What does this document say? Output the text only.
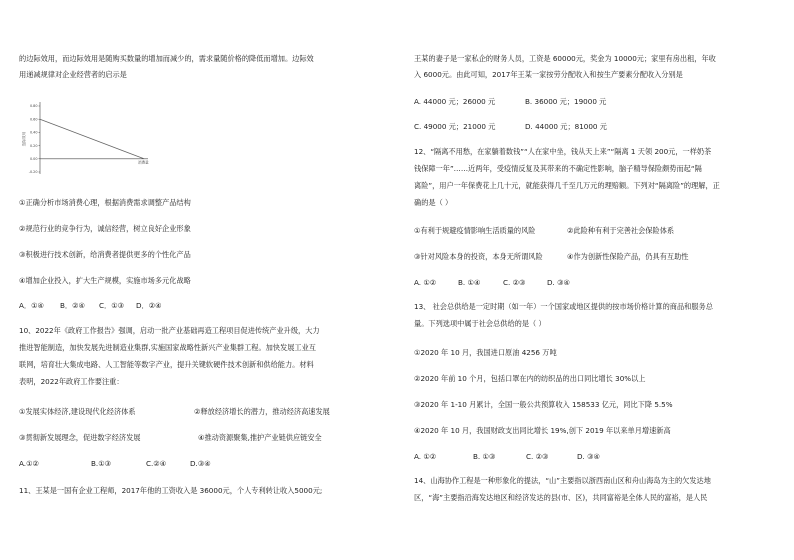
的边际效用，而边际效用是随购买数量的增加而减少的，需求量随价格的降低而增加。边际效
用递减规律对企业经营者的启示是
0.80
0.60
0.40
0.20
0.00
-0.20
消费量
边际效用
①正确分析市场消费心理，根据消费需求调整产品结构
②规范行业的竞争行为，诚信经营，树立良好企业形象
③积极进行技术创新，给消费者提供更多的个性化产品
④增加企业投入，扩大生产规模，实施市场多元化战略
A．①④ B．②④ C．①③ D．②④
10、2022年《政府工作报告》强调，启动一批产业基础再造工程项目促进传统产业升级，大力
推进智能制造，加快发展先进制造业集群,实施国家战略性新兴产业集群工程。加快发展工业互
联网，培育壮大集成电路、人工智能等数字产业，提升关键软硬件技术创新和供给能力。材料
表明，2022年政府工作要注重：
①发展实体经济,建设现代化经济体系	②释放经济增长的潜力，推动经济高速发展
③贯彻新发展理念，促进数字经济发展	④推动资源聚集,推护产业链供应链安全
A.①②	B.①③	C.②④	D.③④
11、王某是一国有企业工程师，2017年他的工资收入是 36000元，个人专利转让收入5000元;
王某的妻子是一家私企的财务人员，工资是 60000元，奖金为 10000元；家里有房出租，年收
入 6000元。由此可知，2017年王某一家按劳分配收入和按生产要素分配收入分别是
A. 44000 元；26000 元	B. 36000 元；19000 元
C. 49000 元；21000 元	D. 44000 元；81000 元
12、“隔离不用愁，在家躺着数钱”“人在家中坐，钱从天上来”“隔离 1 天领 200元，一样奶茶
钱保障一年”……近两年，受疫情反复及其带来的不确定性影响，脑子精导保险颇势而起“隔
离险”，用户一年保费花上几十元，就能获得几千至几万元的理赔额。下列对“隔离险”的理解，正
确的是（ ）
①有利于规避疫情影响生活质量的风险	②此险种有利于完善社会保险体系
③针对风险本身的投资，本身无所谓风险	④作为创新性保险产品，仍具有互助性
A. ①②	B. ①④	C. ②③	D. ③④
13、 社会总供给是一定时期（如一年）一个国家或地区提供的按市场价格计算的商品和服务总
量。下列选项中属于社会总供给的是（ ）
①2020 年 10 月，我国进口原油 4256 万吨
②2020 年前 10 个月，包括口罩在内的纺织品的出口同比增长 30%以上
③2020 年 1-10 月累计，全国一般公共预算收入 158533 亿元，同比下降 5.5%
④2020 年 10 月，我国财政支出同比增长 19%,创下 2019 年以来单月增速新高
A. ①②	B. ①③	C. ②③	D. ③④
14、山海协作工程是一种形象化的提法，“山”主要指以浙西南山区和舟山海岛为主的欠发达地
区，“海”主要指沿海发达地区和经济发达的县(市、区)，共同富裕是全体人民的富裕，是人民
